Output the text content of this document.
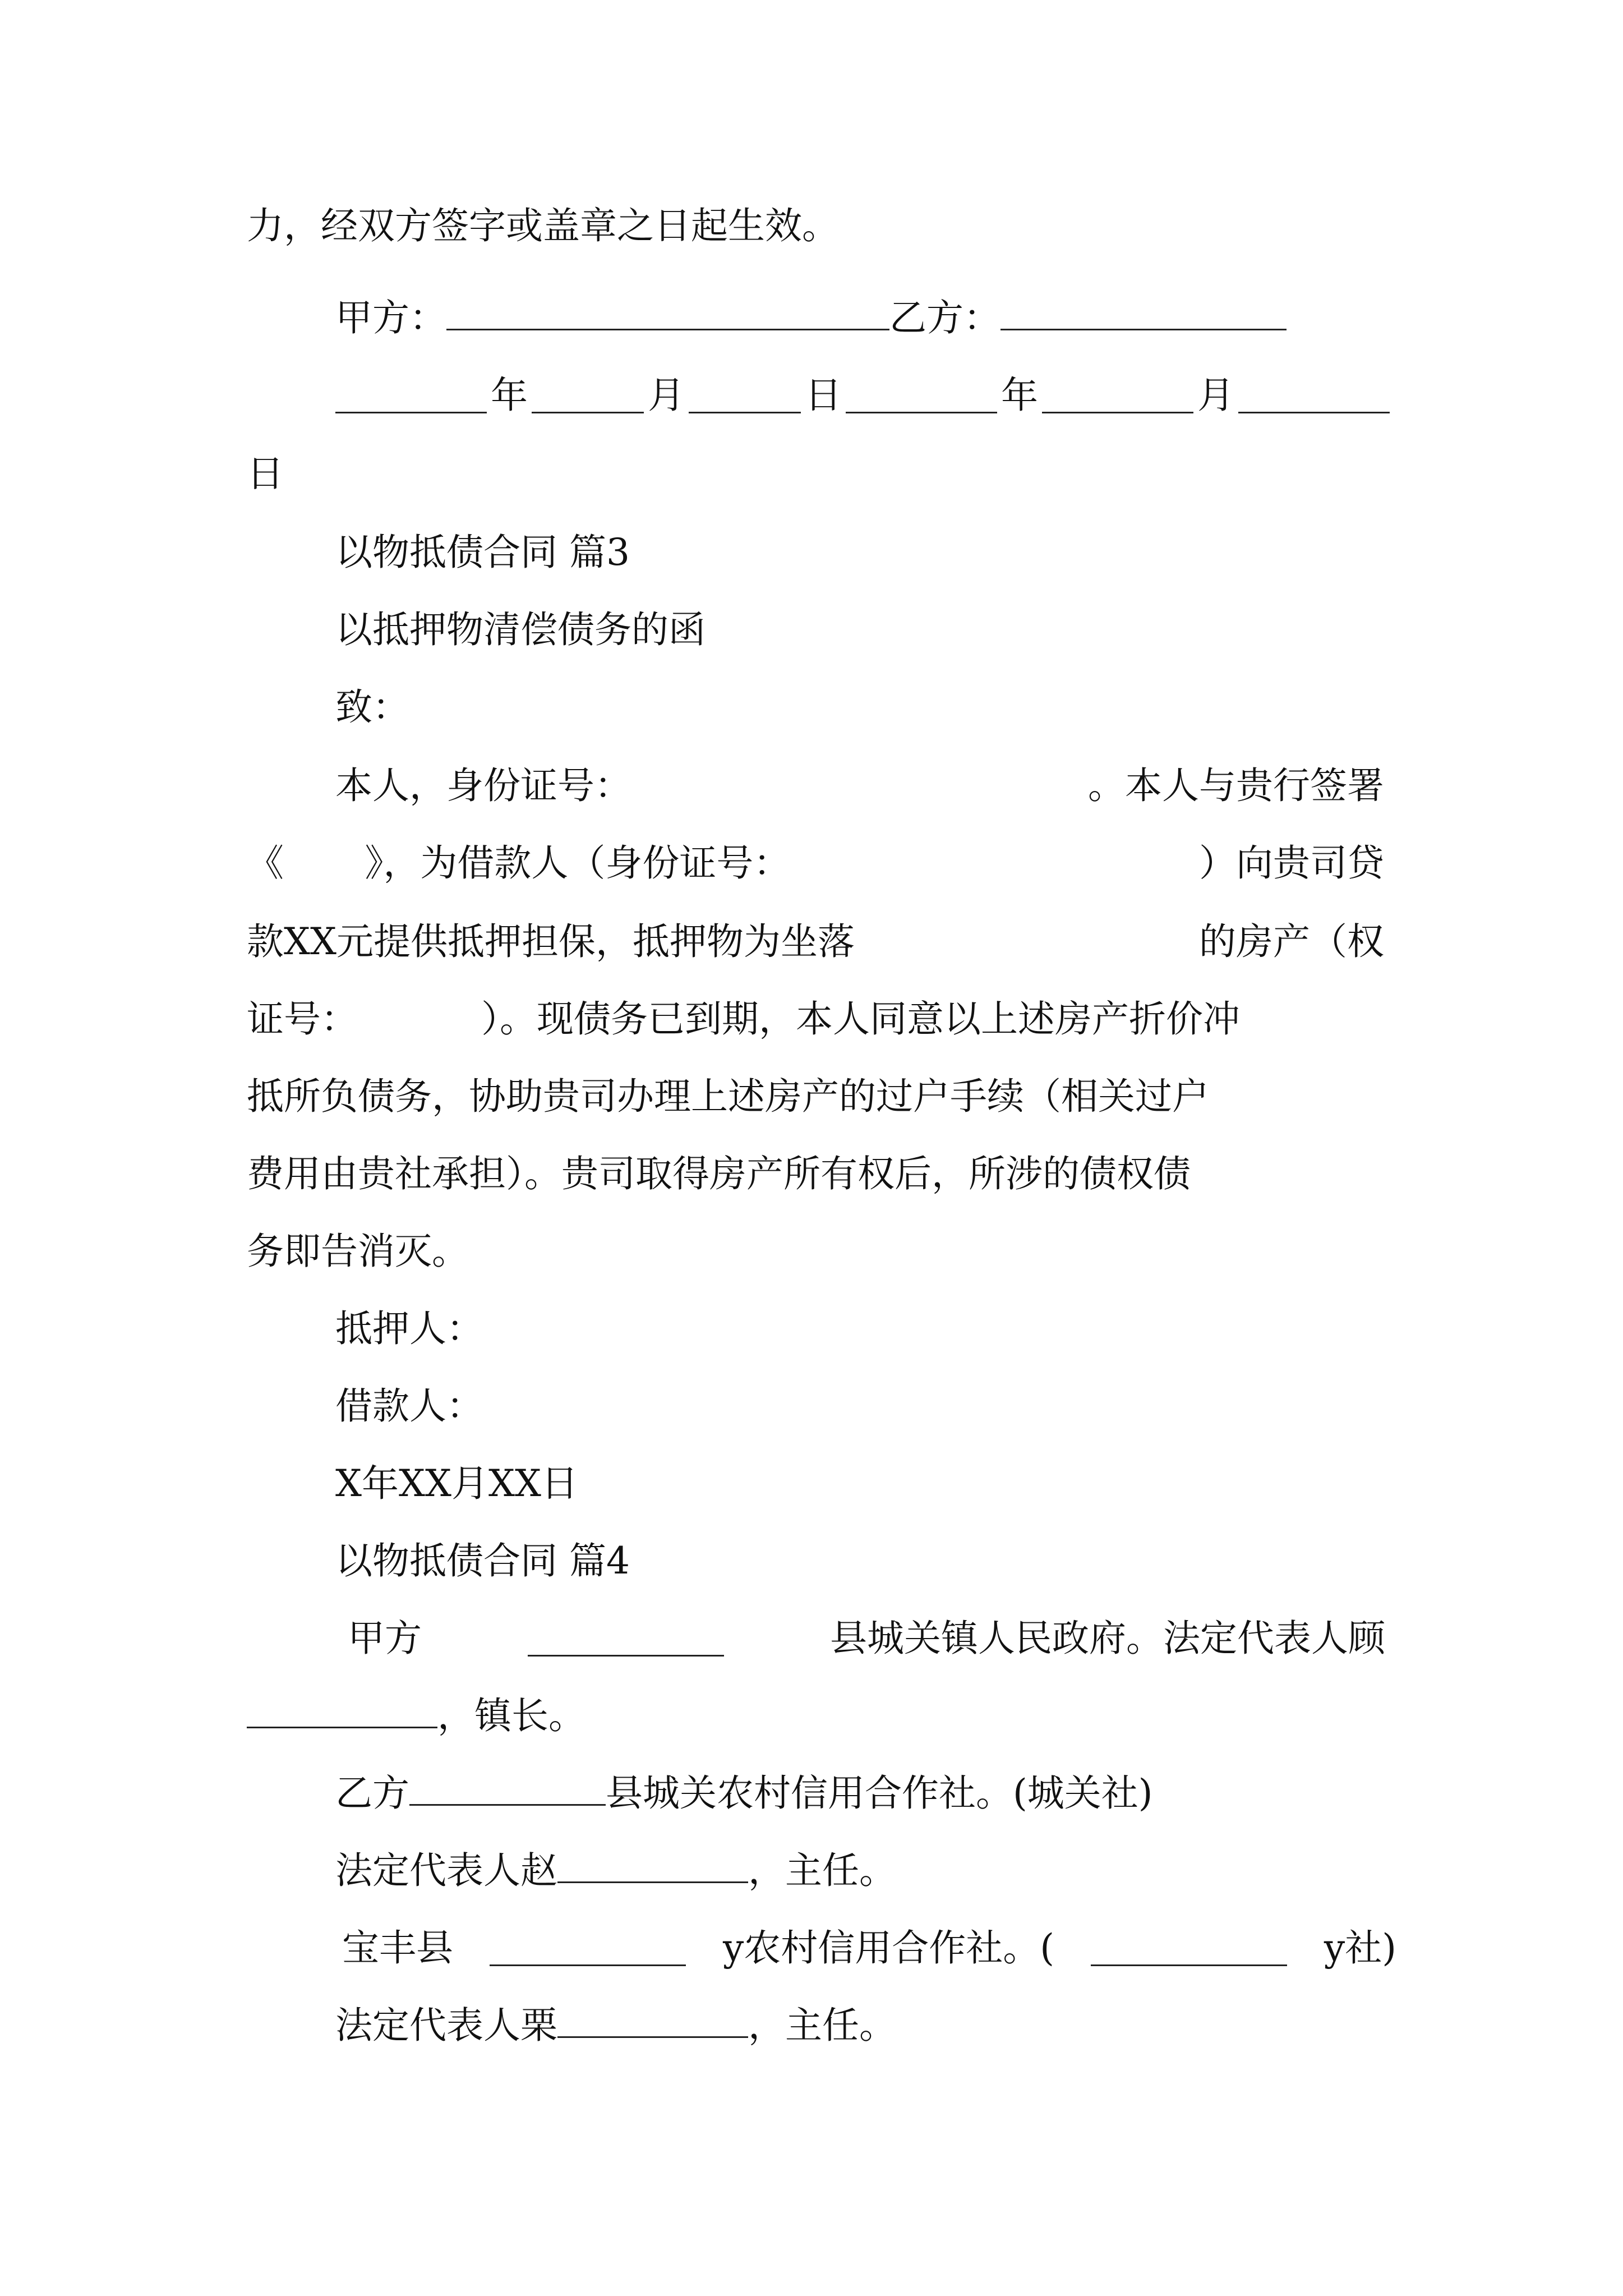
力，经双方签字或盖章之日起生效。
甲方：	乙方：
年	月	日	年	月
日
以物抵债合同 篇3
以抵押物清偿债务的函
致：
本人，身份证号：	。本人与贵行签署
《 》，为借款人（身份证号：	）向贵司贷
款XX元提供抵押担保，抵押物为坐落	的房产（权
证号：	）。现债务已到期，本人同意以上述房产折价冲
抵所负债务，协助贵司办理上述房产的过户手续（相关过户
费用由贵社承担）。贵司取得房产所有权后，所涉的债权债
务即告消灭。
抵押人：
借款人：
X年XX月XX日
以物抵债合同 篇4
甲方	县城关镇人民政府。法定代表人顾
，镇长。
乙方	县城关农村信用合作社。(城关社)
法定代表人赵	，主任。
宝丰县	y农村信用合作社。(	y社)
法定代表人栗	，主任。
